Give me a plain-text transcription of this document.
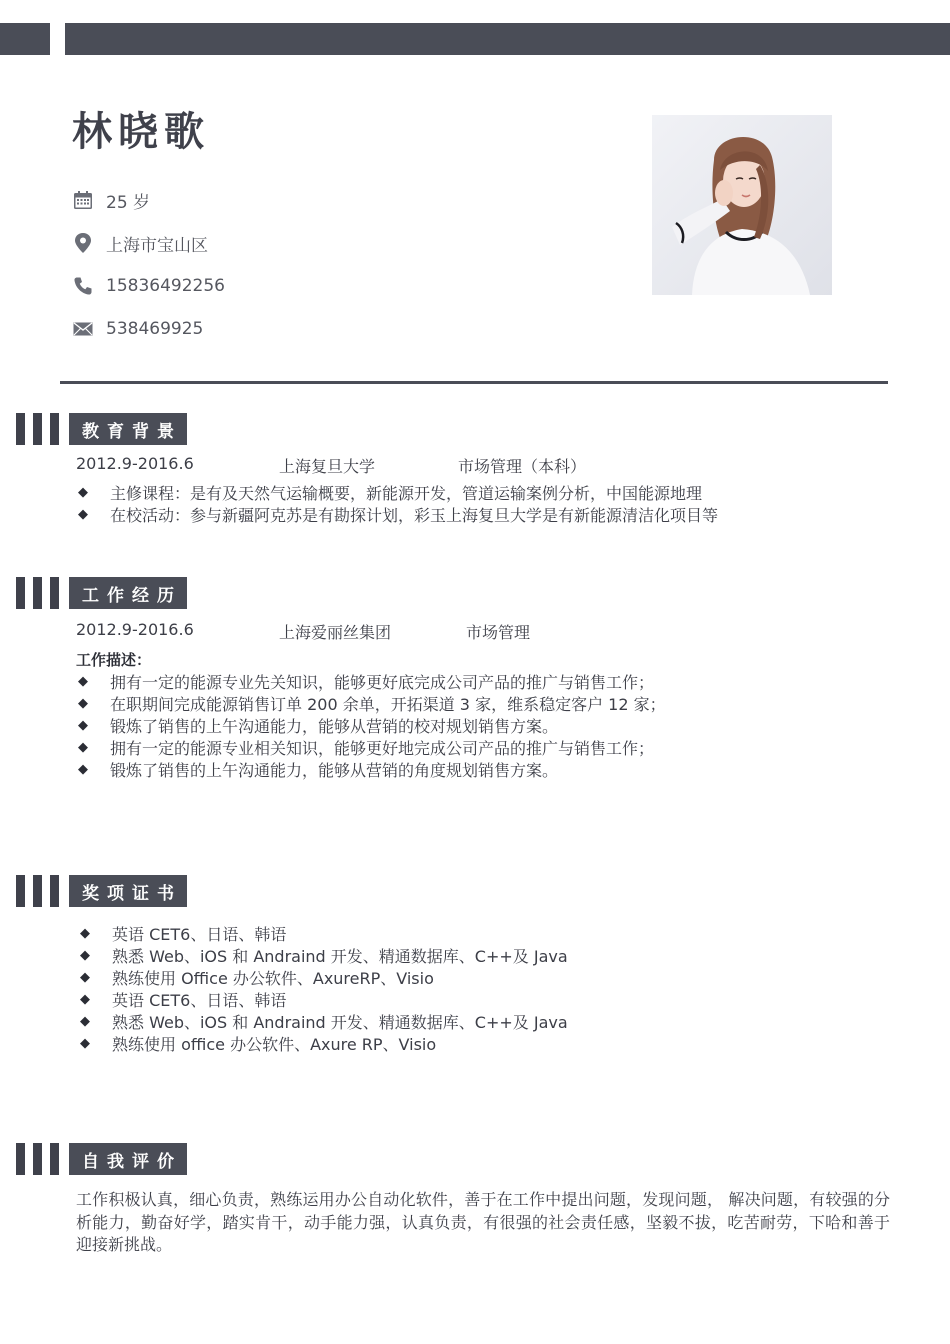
林晓歌
25 岁
上海市宝山区
15836492256
538469925
教育背景
2012.9-2016.6	上海复旦大学	市场管理（本科）
◆	主修课程：是有及天然气运输概要，新能源开发，管道运输案例分析，中国能源地理
◆	在校活动：参与新疆阿克苏是有勘探计划，彩玉上海复旦大学是有新能源清洁化项目等
工作经历
2012.9-2016.6	上海爱丽丝集团	市场管理
工作描述：
◆	拥有一定的能源专业先关知识，能够更好底完成公司产品的推广与销售工作；
◆	在职期间完成能源销售订单 200 余单，开拓渠道 3 家，维系稳定客户 12 家；
◆	锻炼了销售的上午沟通能力，能够从营销的校对规划销售方案。
◆	拥有一定的能源专业相关知识，能够更好地完成公司产品的推广与销售工作；
◆	锻炼了销售的上午沟通能力，能够从营销的角度规划销售方案。
奖项证书
◆	英语 CET6、日语、韩语
◆	熟悉 Web、iOS 和 Andraind 开发、精通数据库、C++及 Java
◆	熟练使用 Office 办公软件、AxureRP、Visio
◆	英语 CET6、日语、韩语
◆	熟悉 Web、iOS 和 Andraind 开发、精通数据库、C++及 Java
◆	熟练使用 office 办公软件、Axure RP、Visio
自我评价
工作积极认真，细心负责，熟练运用办公自动化软件，善于在工作中提出问题，发现问题， 解决问题，有较强的分析能力，勤奋好学，踏实肯干，动手能力强，认真负责，有很强的社会责任感，坚毅不拔，吃苦耐劳，下哈和善于迎接新挑战。
